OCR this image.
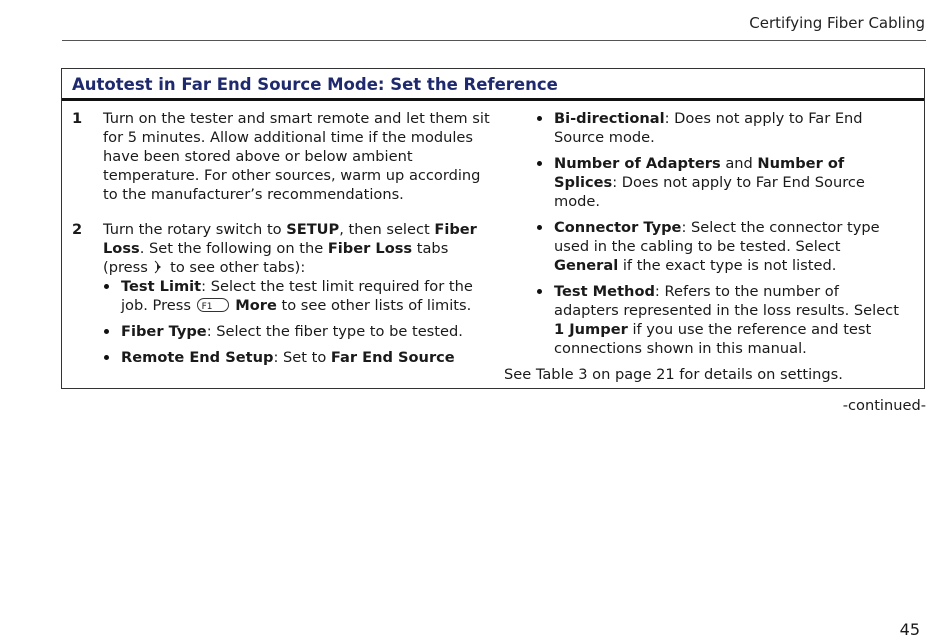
Certifying Fiber Cabling
Autotest in Far End Source Mode: Set the Reference
1 Turn on the tester and smart remote and let them sit for 5 minutes. Allow additional time if the modules have been stored above or below ambient temperature. For other sources, warm up according to the manufacturer’s recommendations.
2 Turn the rotary switch to SETUP, then select Fiber Loss. Set the following on the Fiber Loss tabs (press  to see other tabs):
Test Limit: Select the test limit required for the job. Press F1 More to see other lists of limits.
Fiber Type: Select the fiber type to be tested.
Remote End Setup: Set to Far End Source
Bi-directional: Does not apply to Far End Source mode.
Number of Adapters and Number of Splices: Does not apply to Far End Source mode.
Connector Type: Select the connector type used in the cabling to be tested. Select General if the exact type is not listed.
Test Method: Refers to the number of adapters represented in the loss results. Select 1 Jumper if you use the reference and test connections shown in this manual.
See Table 3 on page 21 for details on settings.
-continued-
45
